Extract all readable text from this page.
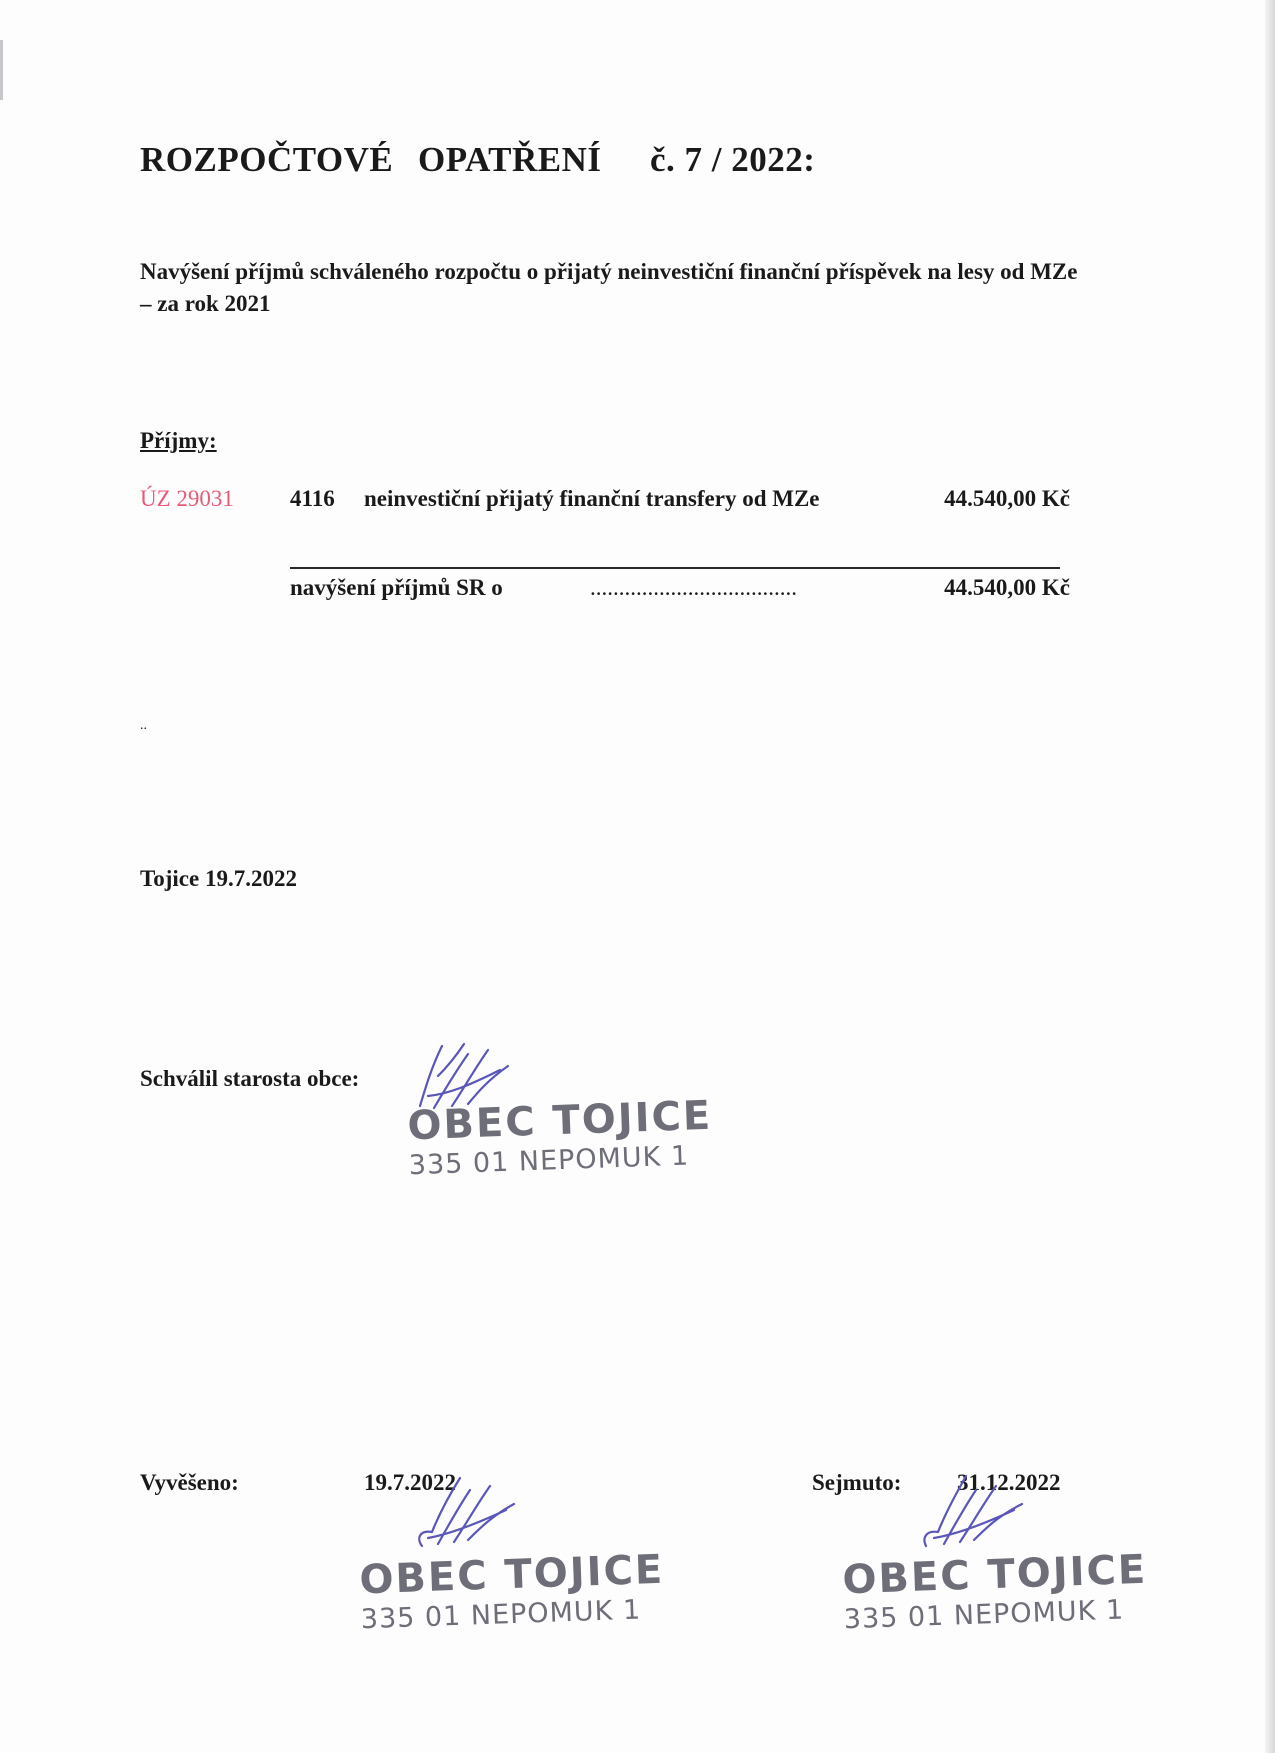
ROZPOČTOVÉ OPATŘENÍ č. 7 / 2022:
Navýšení příjmů schváleného rozpočtu o přijatý neinvestiční finanční příspěvek na lesy od MZe – za rok 2021
Příjmy:
ÚZ 29031 4116 neinvestiční přijatý finanční transfery od MZe	44.540,00 Kč
navýšení příjmů SR o	....................................	44.540,00 Kč
..
Tojice 19.7.2022
Schválil starosta obce:
OBEC TOJICE
335 01 NEPOMUK 1
Vyvěšeno:	19.7.2022	Sejmuto: 31.12.2022
OBEC TOJICE
335 01 NEPOMUK 1
OBEC TOJICE
335 01 NEPOMUK 1
